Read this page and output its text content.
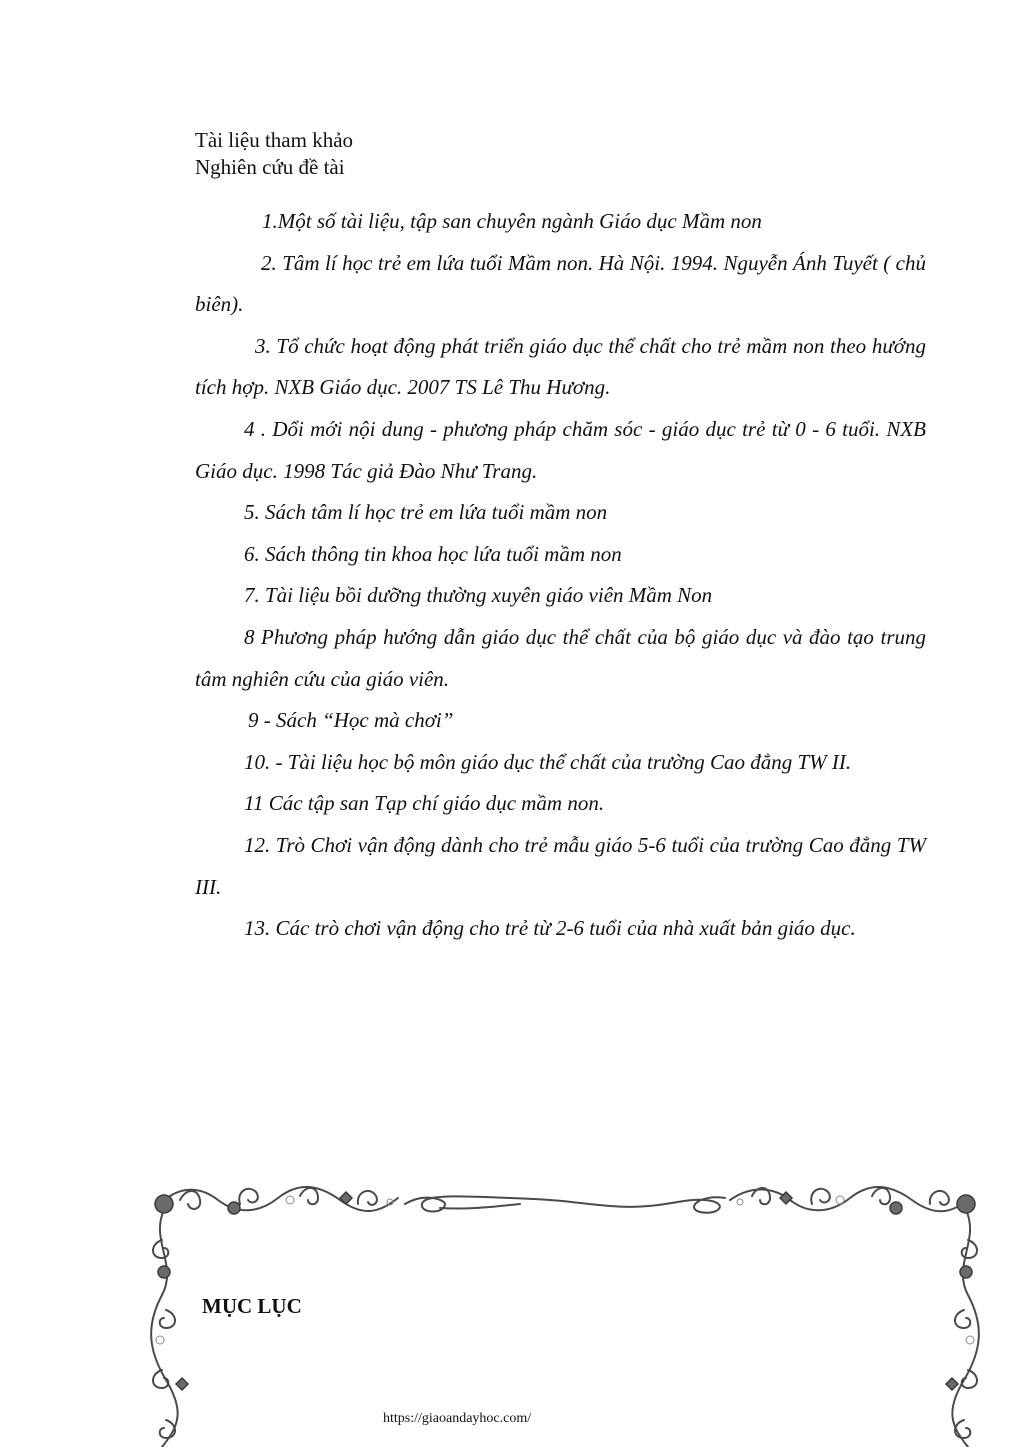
Tài liệu tham khảo
Nghiên cứu đề tài

1.Một số tài liệu, tập san chuyên ngành Giáo dục Mầm non

2. Tâm lí học trẻ em lứa tuổi Mầm non. Hà Nội. 1994. Nguyễn Ánh Tuyết ( chủ biên).

3. Tổ chức hoạt động phát triển giáo dục thể chất cho trẻ mầm non theo hướng tích hợp. NXB Giáo dục. 2007 TS Lê Thu Hương.

4 . Dổi mới nội dung - phương pháp chăm sóc - giáo dục trẻ từ 0 - 6 tuổi. NXB Giáo dục. 1998 Tác giả Đào Như Trang.

5. Sách tâm lí học trẻ em lứa tuổi mầm non

6. Sách thông tin khoa học lứa tuổi mầm non

7. Tài liệu bồi dưỡng thường xuyên giáo viên Mầm Non

8 Phương pháp hướng dẫn giáo dục thể chất của bộ giáo dục và đào tạo trung tâm nghiên cứu của giáo viên.

9 - Sách “Học mà chơi”

10. - Tài liệu học bộ môn giáo dục thể chất của trường Cao đẳng TW II.

11 Các tập san Tạp chí giáo dục mầm non.

12. Trò Chơi vận động dành cho trẻ mẫu giáo 5-6 tuổi của trường Cao đẳng TW III.

13. Các trò chơi vận động cho trẻ từ 2-6 tuổi của nhà xuất bản giáo dục.

MỤC LỤC
https://giaoandayhoc.com/
